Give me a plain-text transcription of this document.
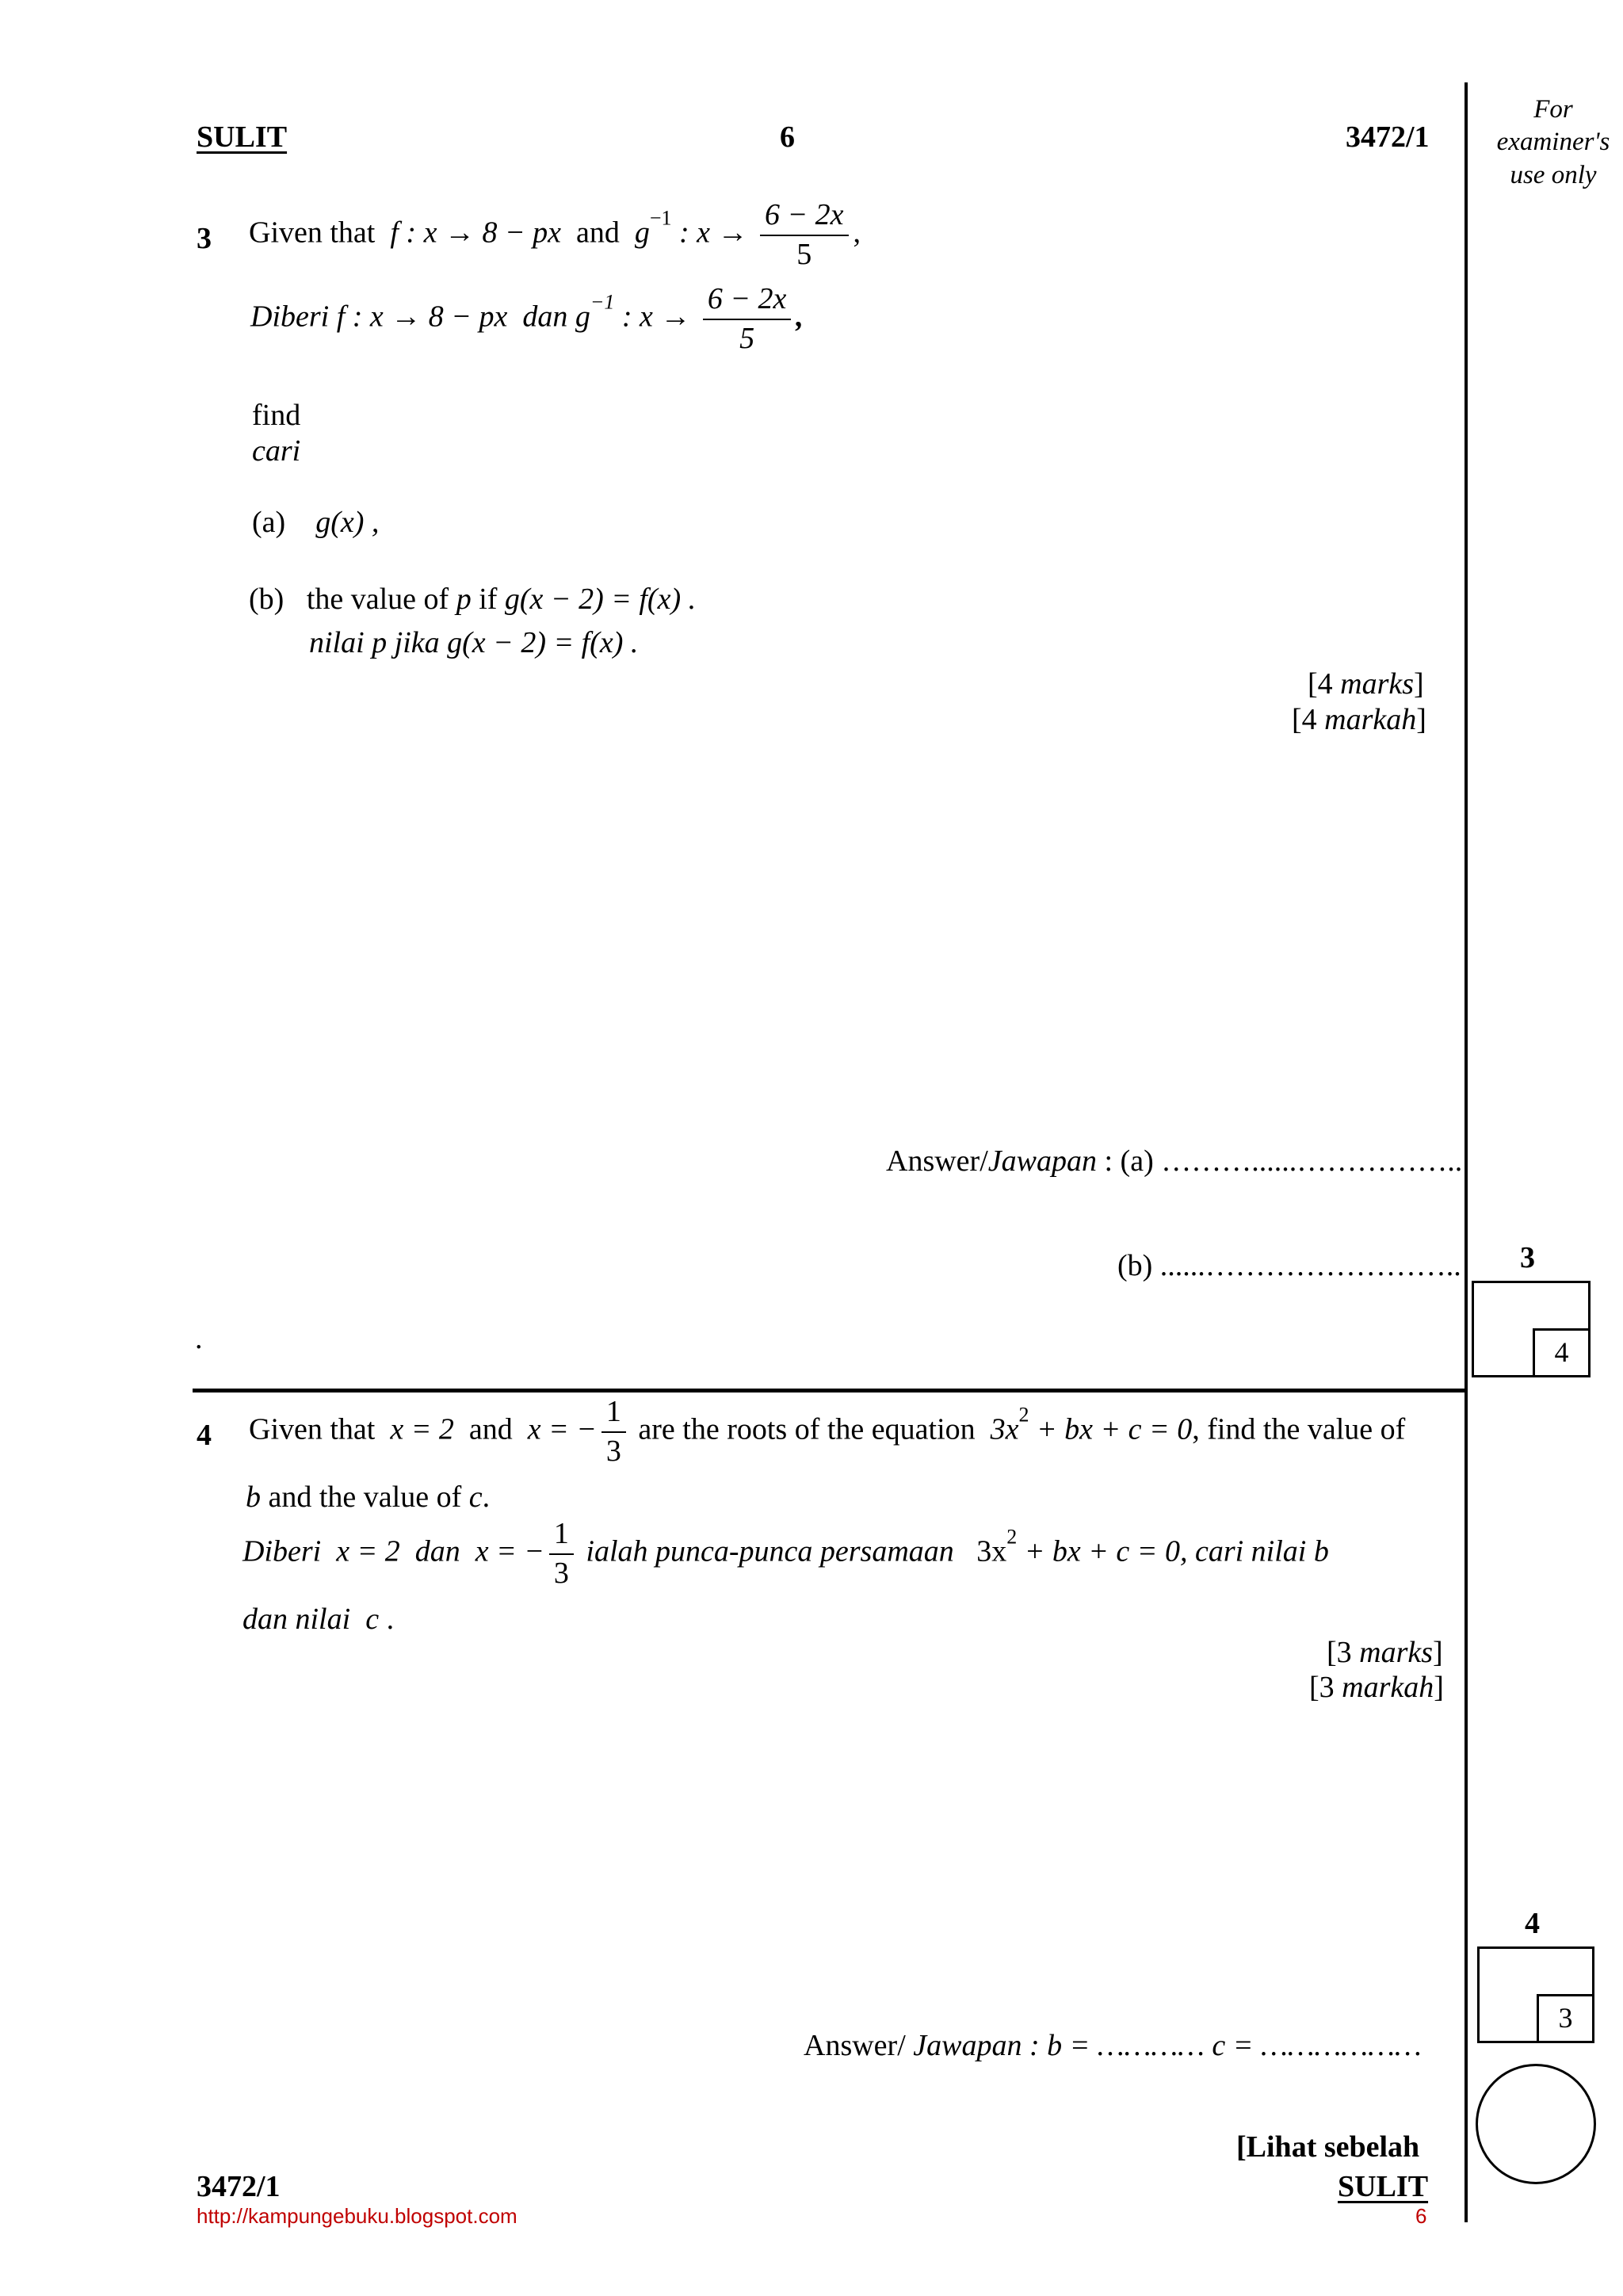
SULIT	6	3472/1
For
examiner's
use only
3 Given that f : x → 8 − px and $g^{-1}$ : $x \to \frac{6 - 2x}{5}$ ,
Diberi f : x → 8 − px dan $g^{-1}$ : $x \to \frac{6 - 2x}{5}$ ,
find
cari
(a) g(x) ,
(b) the value of p if g(x − 2) = f(x) .
nilai p jika g(x − 2) = f(x) .
[4 marks]
[4 markah]
Answer/Jawapan : (a) ………......……………..
(b) ......…………………….. 3
4
.
4 Given that x = 2 and x = − $\frac{1}{3}$ are the roots of the equation $3x^2$ + bx + c = 0, find the value of
b and the value of c.
Diberi x = 2 dan x = − $\frac{1}{3}$ ialah punca-punca persamaan $3x^2$ + bx + c = 0, cari nilai b
dan nilai c .
[3 marks]
[3 markah]
Answer/ Jawapan : b = ………… c = ………………
4
3
[Lihat sebelah
3472/1	SULIT
http://kampungebuku.blogspot.com	6
